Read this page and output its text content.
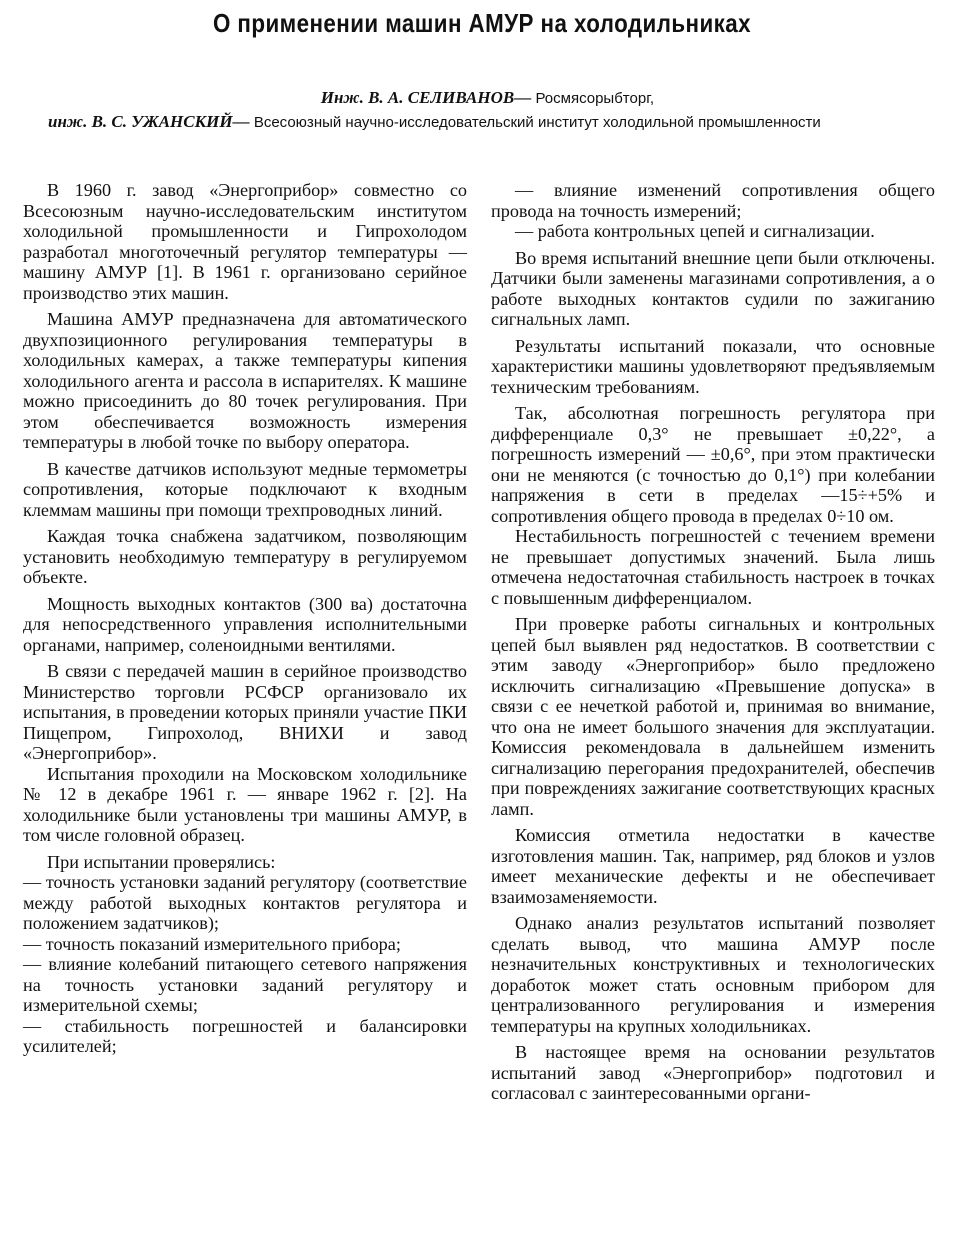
О применении машин АМУР на холодильниках
Инж. В. А. СЕЛИВАНОВ— Росмясорыбторг,
инж. В. С. УЖАНСКИЙ— Всесоюзный научно-исследовательский институт холодильной промышленности

В 1960 г. завод «Энергоприбор» совместно со Всесоюзным научно-исследовательским институтом холодильной промышленности и Гипрохолодом разработал многоточечный регулятор температуры — машину АМУР [1]. В 1961 г. организовано серийное производство этих машин.

Машина АМУР предназначена для автоматического двухпозиционного регулирования температуры в холодильных камерах, а также температуры кипения холодильного агента и рассола в испарителях. К машине можно присоединить до 80 точек регулирования. При этом обеспечивается возможность измерения температуры в любой точке по выбору оператора.

В качестве датчиков используют медные термометры сопротивления, которые подключают к входным клеммам машины при помощи трехпроводных линий.

Каждая точка снабжена задатчиком, позволяющим установить необходимую температуру в регулируемом объекте.

Мощность выходных контактов (300 ва) достаточна для непосредственного управления исполнительными органами, например, соленоидными вентилями.

В связи с передачей машин в серийное производство Министерство торговли РСФСР организовало их испытания, в проведении которых приняли участие ПКИ Пищепром, Гипрохолод, ВНИХИ и завод «Энергоприбор».

Испытания проходили на Московском холодильнике № 12 в декабре 1961 г. — январе 1962 г. [2]. На холодильнике были установлены три машины АМУР, в том числе головной образец.

При испытании проверялись:

— точность установки заданий регулятору (соответствие между работой выходных контактов регулятора и положением задатчиков);

— точность показаний измерительного прибора;

— влияние колебаний питающего сетевого напряжения на точность установки заданий регулятору и измерительной схемы;

— стабильность погрешностей и балансировки усилителей;

— влияние изменений сопротивления общего провода на точность измерений;

— работа контрольных цепей и сигнализации.

Во время испытаний внешние цепи были отключены. Датчики были заменены магазинами сопротивления, а о работе выходных контактов судили по зажиганию сигнальных ламп.

Результаты испытаний показали, что основные характеристики машины удовлетворяют предъявляемым техническим требованиям.

Так, абсолютная погрешность регулятора при дифференциале 0,3° не превышает ±0,22°, а погрешность измерений — ±0,6°, при этом практически они не меняются (с точностью до 0,1°) при колебании напряжения в сети в пределах —15÷+5% и сопротивления общего провода в пределах 0÷10 ом.

Нестабильность погрешностей с течением времени не превышает допустимых значений. Была лишь отмечена недостаточная стабильность настроек в точках с повышенным дифференциалом.

При проверке работы сигнальных и контрольных цепей был выявлен ряд недостатков. В соответствии с этим заводу «Энергоприбор» было предложено исключить сигнализацию «Превышение допуска» в связи с ее нечеткой работой и, принимая во внимание, что она не имеет большого значения для эксплуатации. Комиссия рекомендовала в дальнейшем изменить сигнализацию перегорания предохранителей, обеспечив при повреждениях зажигание соответствующих красных ламп.

Комиссия отметила недостатки в качестве изготовления машин. Так, например, ряд блоков и узлов имеет механические дефекты и не обеспечивает взаимозаменяемости.

Однако анализ результатов испытаний позволяет сделать вывод, что машина АМУР после незначительных конструктивных и технологических доработок может стать основным прибором для централизованного регулирования и измерения температуры на крупных холодильниках.

В настоящее время на основании результатов испытаний завод «Энергоприбор» подготовил и согласовал с заинтересованными органи-
